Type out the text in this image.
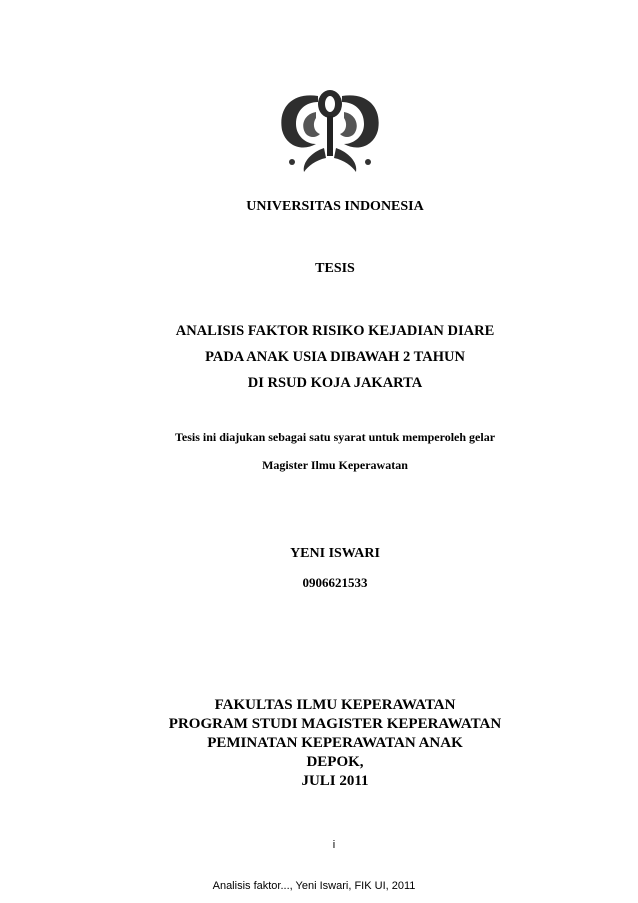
UNIVERSITAS INDONESIA
TESIS
ANALISIS FAKTOR RISIKO KEJADIAN DIARE
PADA ANAK USIA DIBAWAH 2 TAHUN
DI RSUD KOJA JAKARTA
Tesis ini diajukan sebagai satu syarat untuk memperoleh gelar
Magister Ilmu Keperawatan
YENI ISWARI
0906621533
FAKULTAS ILMU KEPERAWATAN
PROGRAM STUDI MAGISTER KEPERAWATAN
PEMINATAN KEPERAWATAN ANAK
DEPOK,
JULI 2011
i
Analisis faktor..., Yeni Iswari, FIK UI, 2011
